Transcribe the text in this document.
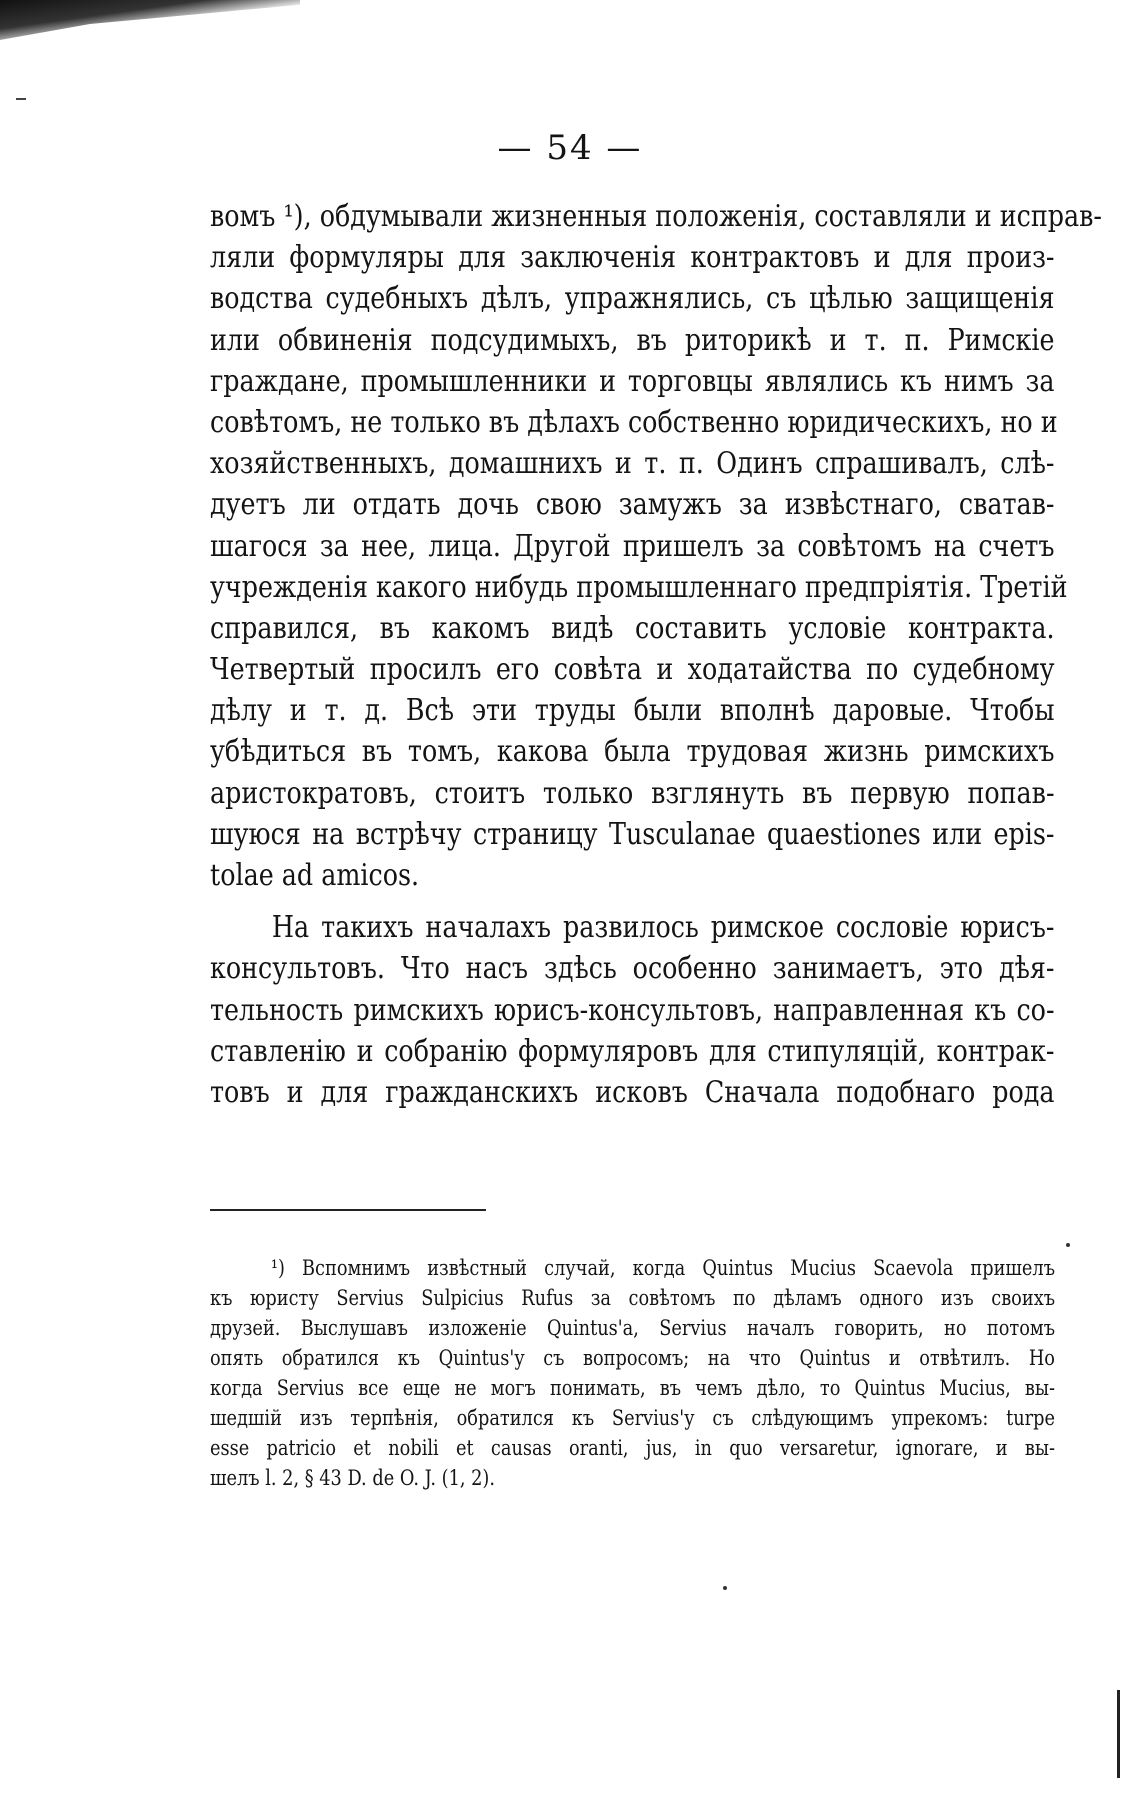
— 54 —
вомъ ¹), обдумывали жизненныя положенія, составляли и исправ-
ляли формуляры для заключенія контрактовъ и для произ-
водства судебныхъ дѣлъ, упражнялись, съ цѣлью защищенія
или обвиненія подсудимыхъ, въ риторикѣ и т. п. Римскіе
граждане, промышленники и торговцы являлись къ нимъ за
совѣтомъ, не только въ дѣлахъ собственно юридическихъ, но и
хозяйственныхъ, домашнихъ и т. п. Одинъ спрашивалъ, слѣ-
дуетъ ли отдать дочь свою замужъ за извѣстнаго, сватав-
шагося за нее, лица. Другой пришелъ за совѣтомъ на счетъ
учрежденія какого нибудь промышленнаго предпріятія. Третій
справился, въ какомъ видѣ составить условіе контракта.
Четвертый просилъ его совѣта и ходатайства по судебному
дѣлу и т. д. Всѣ эти труды были вполнѣ даровые. Чтобы
убѣдиться въ томъ, какова была трудовая жизнь римскихъ
аристократовъ, стоитъ только взглянуть въ первую попав-
шуюся на встрѣчу страницу Tusculanae quaestiones или epis-
tolae ad amicos.
На такихъ началахъ развилось римское сословіе юрисъ-
консультовъ. Что насъ здѣсь особенно занимаетъ, это дѣя-
тельность римскихъ юрисъ-консультовъ, направленная къ со-
ставленію и собранію формуляровъ для стипуляцій, контрак-
товъ и для гражданскихъ исковъ Сначала подобнаго рода
¹) Вспомнимъ извѣстный случай, когда Quintus Mucius Scaevola пришелъ
къ юристу Servius Sulpicius Rufus за совѣтомъ по дѣламъ одного изъ своихъ
друзей. Выслушавъ изложеніе Quintus'a, Servius началъ говорить, но потомъ
опять обратился къ Quintus'у съ вопросомъ; на что Quintus и отвѣтилъ. Но
когда Servius все еще не могъ понимать, въ чемъ дѣло, то Quintus Mucius, вы-
шедшій изъ терпѣнія, обратился къ Servius'у съ слѣдующимъ упрекомъ: turpe
esse patricio et nobili et causas oranti, jus, in quo versaretur, ignorare, и вы-
шелъ l. 2, § 43 D. de O. J. (1, 2).
